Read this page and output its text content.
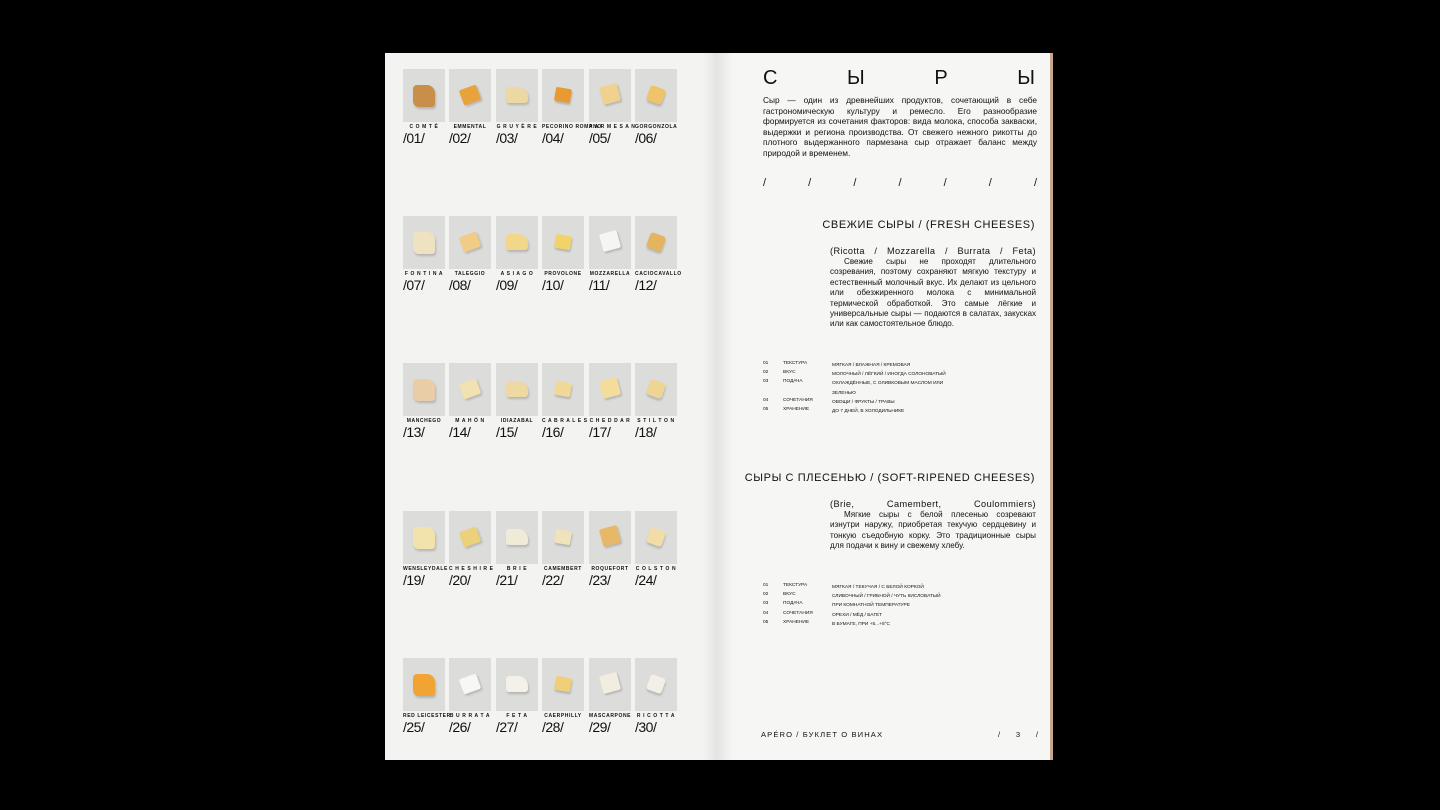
C O M T É
/01/
EMMENTAL
/02/
G R U Y È R E
/03/
PECORINO ROMANO
/04/
P A R M E S A N
/05/
GORGONZOLA
/06/
F O N T I N A
/07/
TALEGGIO
/08/
A S I A G O
/09/
PROVOLONE
/10/
MOZZARELLA
/11/
CACIOCAVALLO
/12/
MANCHEGO
/13/
M A H Ó N
/14/
IDIAZABAL
/15/
C A B R A L E S
/16/
C H E D D A R
/17/
S T I L T O N
/18/
WENSLEYDALE
/19/
C H E S H I R E
/20/
B R I E
/21/
CAMEMBERT
/22/
ROQUEFORT
/23/
C O L S T O N
/24/
RED LEICESTER
/25/
B U R R A T A
/26/
F E T A
/27/
CAERPHILLY
/28/
MASCARPONE
/29/
R I C O T T A
/30/
С	Ы	Р	Ы
Сыр — один из древнейших продуктов, сочетающий в себе гастрономическую культуру и ремесло. Его разнообразие формируется из сочетания факторов: вида молока, способа закваски, выдержки и региона производства. От свежего нежного рикотты до плотного выдержанного пармезана сыр отражает баланс между природой и временем.
/	/	/	/	/	/	/
СВЕЖИЕ СЫРЫ / (FRESH CHEESES)
(Ricotta / Mozzarella / Burrata / Feta)
Свежие сыры не проходят длительного созревания, поэтому сохраняют мягкую текстуру и естественный молочный вкус. Их делают из цельного или обезжиренного молока с минимальной термической обработкой. Это самые лёгкие и универсальные сыры — подаются в салатах, закусках или как самостоятельное блюдо.
01	ТЕКСТУРА	МЯГКАЯ / ВЛАЖНАЯ / КРЕМОВАЯ
02	ВКУС	МОЛОЧНЫЙ / ЛЁГКИЙ / ИНОГДА СОЛОНОВАТЫЙ
03	ПОДАЧА	ОХЛАЖДЁННЫЕ, С ОЛИВКОВЫМ МАСЛОМ ИЛИ ЗЕЛЕНЬЮ
04	СОЧЕТАНИЯ	ОВОЩИ / ФРУКТЫ / ТРАВЫ
05	ХРАНЕНИЕ	ДО 7 ДНЕЙ, В ХОЛОДИЛЬНИКЕ
СЫРЫ С ПЛЕСЕНЬЮ / (SOFT-RIPENED CHEESES)
(Brie, Camembert, Coulommiers)
Мягкие сыры с белой плесенью созревают изнутри наружу, приобретая текучую сердцевину и тонкую съедобную корку. Это традиционные сыры для подачи к вину и свежему хлебу.
01	ТЕКСТУРА	МЯГКАЯ / ТЕКУЧАЯ / С БЕЛОЙ КОРКОЙ
02	ВКУС	СЛИВОЧНЫЙ / ГРИБНОЙ / ЧУТЬ КИСЛОВАТЫЙ
03	ПОДАЧА	ПРИ КОМНАТНОЙ ТЕМПЕРАТУРЕ
04	СОЧЕТАНИЯ	ОРЕХИ / МЁД / БАГЕТ
05	ХРАНЕНИЕ	В БУМАГЕ, ПРИ +5...+8°C
APÉRO / БУКЛЕТ О ВИНАХ	/ 3 /
